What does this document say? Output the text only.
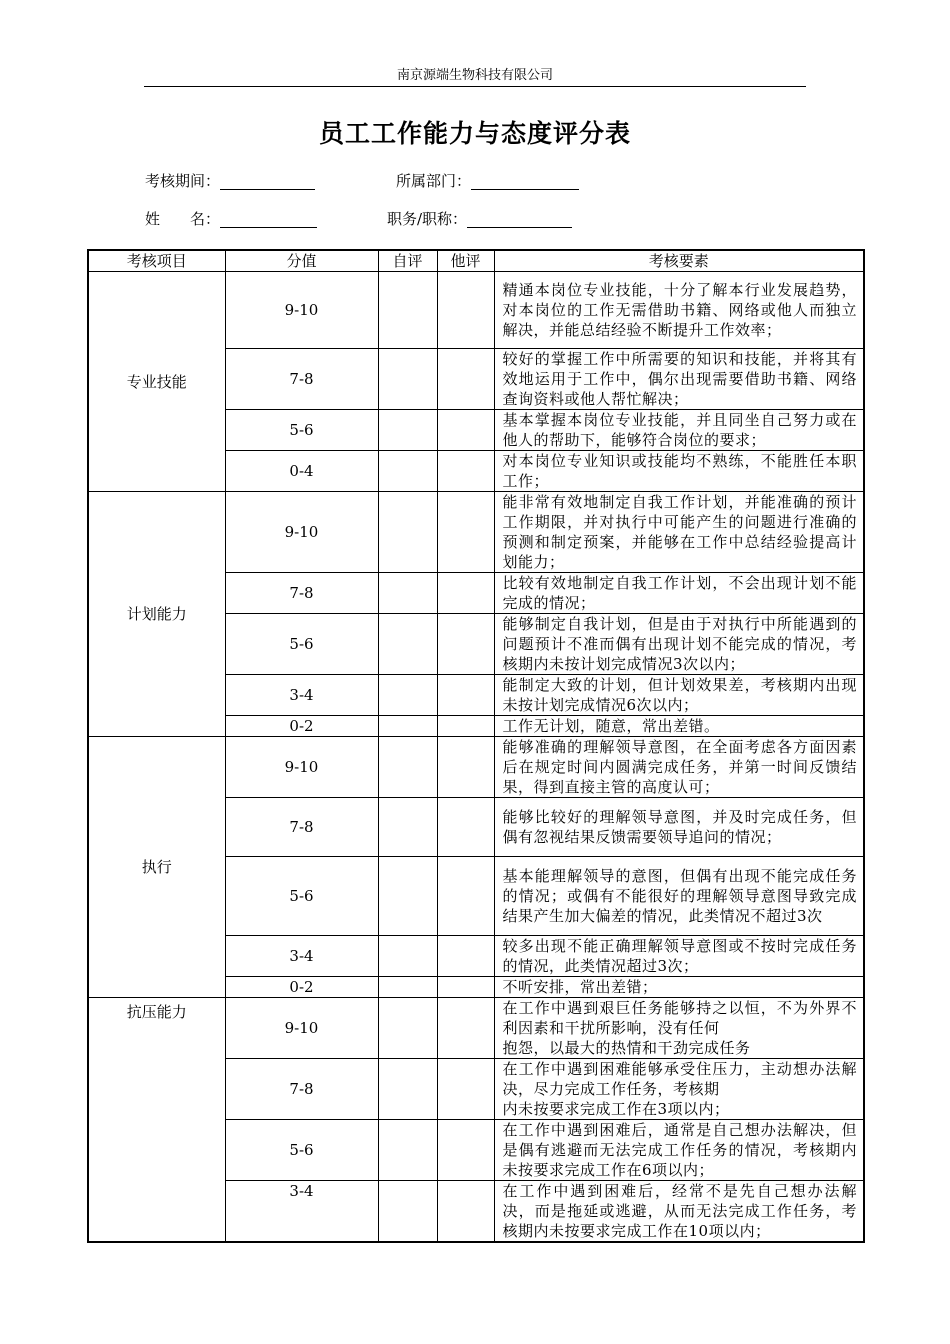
南京源端生物科技有限公司
员工工作能力与态度评分表
考核期间：	所属部门：
姓　　名：	职务/职称：
考核项目	分值	自评	他评	考核要素
专业技能	9-10			精通本岗位专业技能，十分了解本行业发展趋势，对本岗位的工作无需借助书籍、网络或他人而独立解决，并能总结经验不断提升工作效率；
	7-8			较好的掌握工作中所需要的知识和技能，并将其有效地运用于工作中，偶尔出现需要借助书籍、网络查询资料或他人帮忙解决；
	5-6			基本掌握本岗位专业技能，并且同坐自己努力或在他人的帮助下，能够符合岗位的要求；
	0-4			对本岗位专业知识或技能均不熟练，不能胜任本职工作；
计划能力	9-10			能非常有效地制定自我工作计划，并能准确的预计工作期限，并对执行中可能产生的问题进行准确的预测和制定预案，并能够在工作中总结经验提高计划能力；
	7-8			比较有效地制定自我工作计划，不会出现计划不能完成的情况；
	5-6			能够制定自我计划，但是由于对执行中所能遇到的问题预计不准而偶有出现计划不能完成的情况，考核期内未按计划完成情况3次以内；
	3-4			能制定大致的计划，但计划效果差，考核期内出现未按计划完成情况6次以内；
	0-2			工作无计划，随意，常出差错。
执行	9-10			能够准确的理解领导意图，在全面考虑各方面因素后在规定时间内圆满完成任务，并第一时间反馈结果，得到直接主管的高度认可；
	7-8			能够比较好的理解领导意图，并及时完成任务，但偶有忽视结果反馈需要领导追问的情况；
	5-6			基本能理解领导的意图，但偶有出现不能完成任务的情况；或偶有不能很好的理解领导意图导致完成结果产生加大偏差的情况，此类情况不超过3次
	3-4			较多出现不能正确理解领导意图或不按时完成任务的情况，此类情况超过3次；
	0-2			不听安排，常出差错；
抗压能力	9-10			在工作中遇到艰巨任务能够持之以恒，不为外界不利因素和干扰所影响，没有任何
抱怨，以最大的热情和干劲完成任务
	7-8			在工作中遇到困难能够承受住压力，主动想办法解决，尽力完成工作任务，考核期
内未按要求完成工作在3项以内；
	5-6			在工作中遇到困难后，通常是自己想办法解决，但是偶有逃避而无法完成工作任务的情况，考核期内未按要求完成工作在6项以内；
	3-4			在工作中遇到困难后，经常不是先自己想办法解决，而是拖延或逃避，从而无法完成工作任务，考核期内未按要求完成工作在10项以内；
